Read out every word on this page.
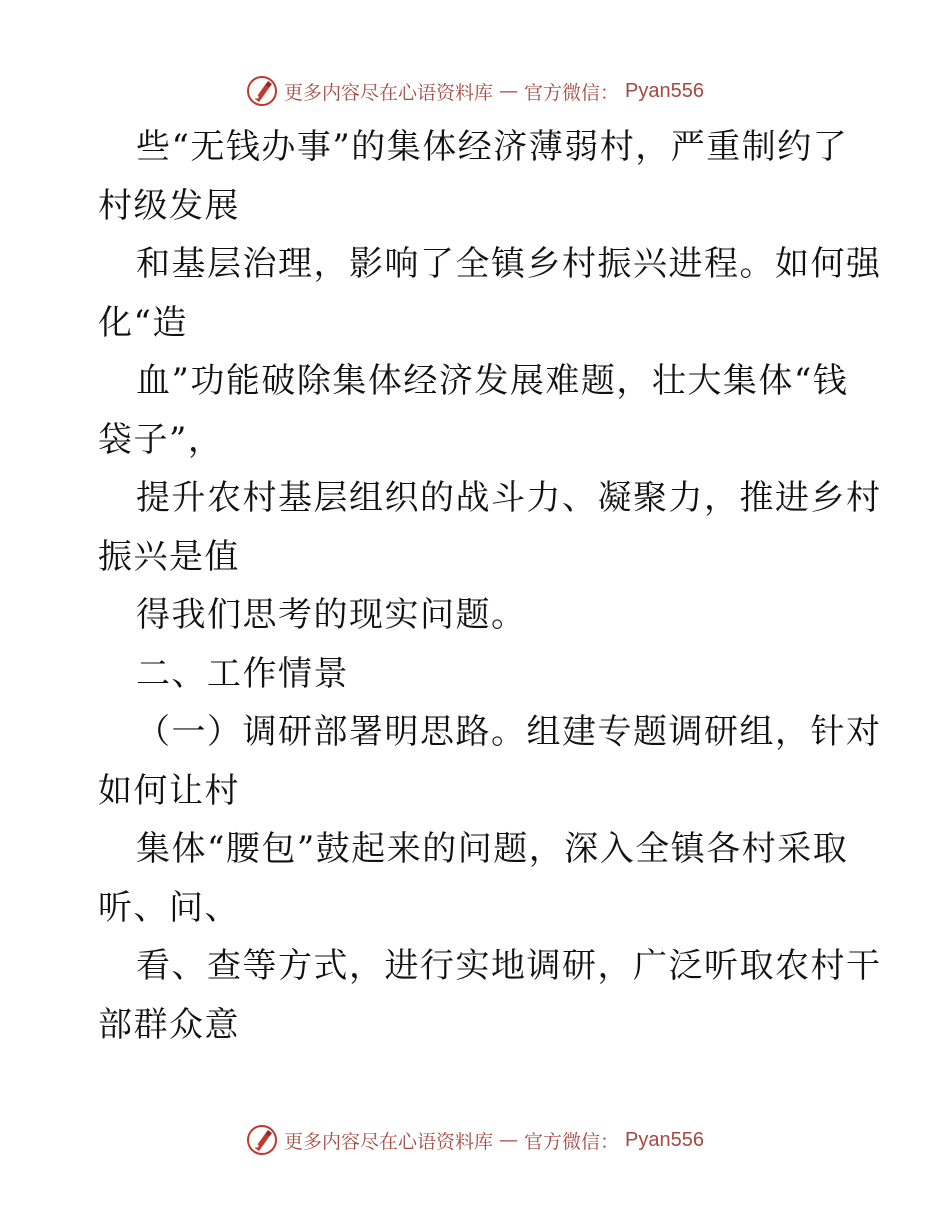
更多内容尽在心语资料库 — 官方微信： Pyan556
些“无钱办事”的集体经济薄弱村，严重制约了
村级发展
和基层治理，影响了全镇乡村振兴进程。如何强
化“造
血”功能破除集体经济发展难题，壮大集体“钱
袋子”，
提升农村基层组织的战斗力、凝聚力，推进乡村
振兴是值
得我们思考的现实问题。
二、工作情景
（一）调研部署明思路。组建专题调研组，针对
如何让村
集体“腰包”鼓起来的问题，深入全镇各村采取
听、问、
看、查等方式，进行实地调研，广泛听取农村干
部群众意
更多内容尽在心语资料库 — 官方微信： Pyan556
